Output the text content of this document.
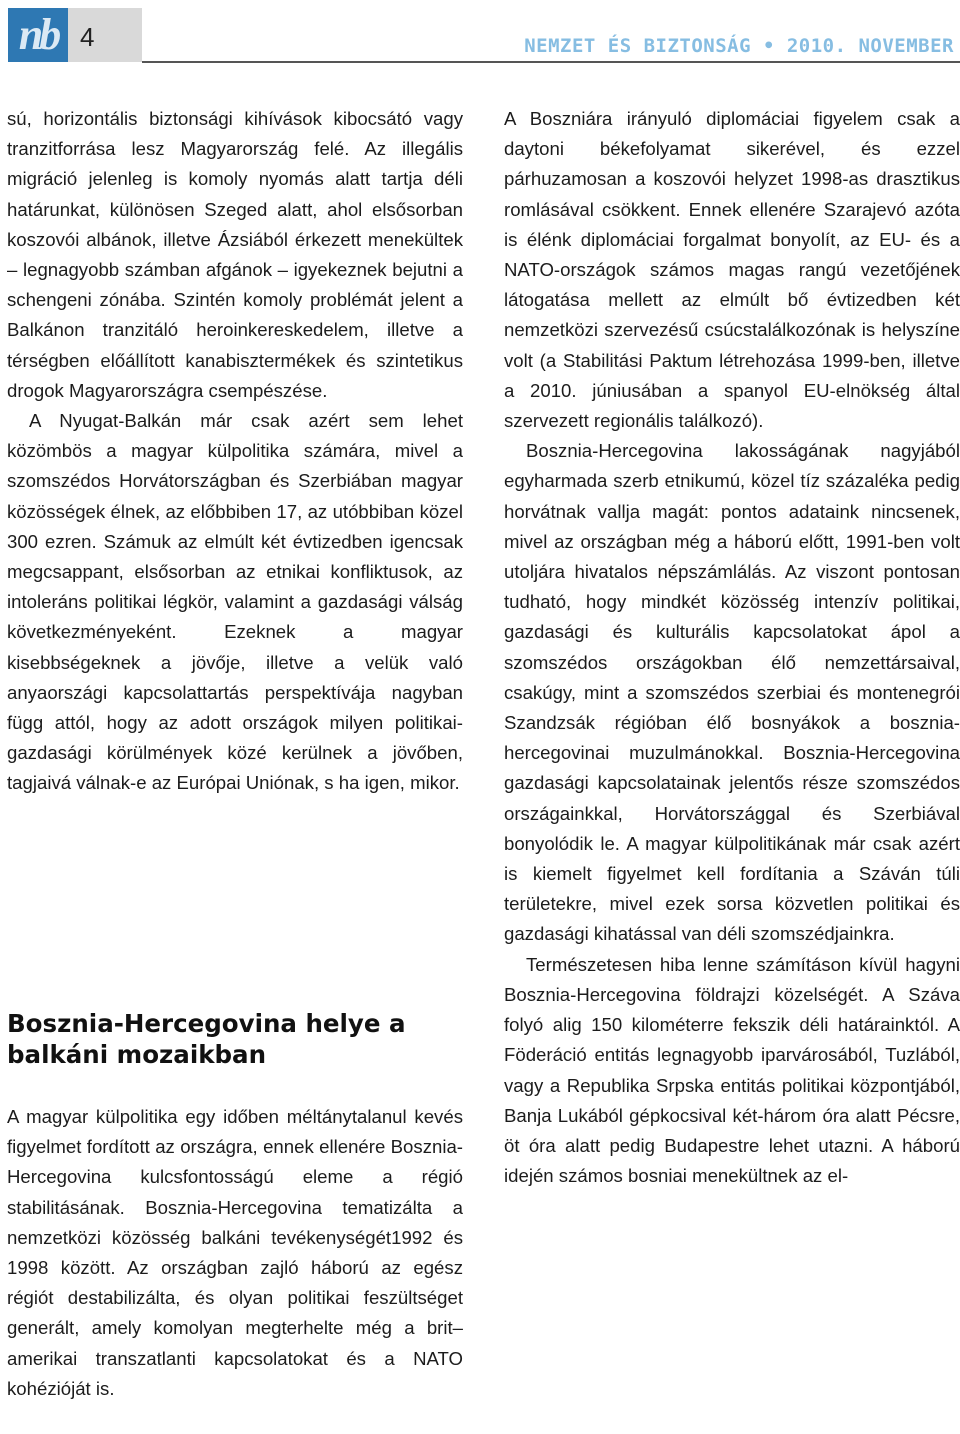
nb 4	NEMZET ÉS BIZTONSÁG • 2010. NOVEMBER

sú, horizontális biztonsági kihívások kibocsátó vagy tranzitforrása lesz Magyarország felé. Az illegális migráció jelenleg is komoly nyomás alatt tartja déli határunkat, különösen Szeged alatt, ahol elsősorban koszovói albánok, illetve Ázsiából érkezett menekültek – legnagyobb számban afgánok – igyekeznek bejutni a schengeni zónába. Szintén komoly problémát jelent a Balkánon tranzitáló heroinkereskedelem, illetve a térségben előállított kanabisztermékek és szintetikus drogok Magyarországra csempészése.

A Nyugat-Balkán már csak azért sem lehet közömbös a magyar külpolitika számára, mivel a szomszédos Horvátországban és Szerbiában magyar közösségek élnek, az előbbiben 17, az utóbbiban közel 300 ezren. Számuk az elmúlt két évtizedben igencsak megcsappant, elsősorban az etnikai konfliktusok, az intoleráns politikai légkör, valamint a gazdasági válság következményeként. Ezeknek a magyar kisebbségeknek a jövője, illetve a velük való anyaországi kapcsolattartás perspektívája nagyban függ attól, hogy az adott országok milyen politikai-gazdasági körülmények közé kerülnek a jövőben, tagjaivá válnak-e az Európai Uniónak, s ha igen, mikor.

Bosznia-Hercegovina helye a balkáni mozaikban

A magyar külpolitika egy időben méltánytalanul kevés figyelmet fordított az országra, ennek ellenére Bosznia-Hercegovina kulcsfontosságú eleme a régió stabilitásának. Bosznia-Hercegovina tematizálta a nemzetközi közösség balkáni tevékenységét1992 és 1998 között. Az országban zajló háború az egész régiót destabilizálta, és olyan politikai feszültséget generált, amely komolyan megterhelte még a brit–amerikai transzatlanti kapcsolatokat és a NATO kohézióját is.

A Boszniára irányuló diplomáciai figyelem csak a daytoni békefolyamat sikerével, és ezzel párhuzamosan a koszovói helyzet 1998-as drasztikus romlásával csökkent. Ennek ellenére Szarajevó azóta is élénk diplomáciai forgalmat bonyolít, az EU- és a NATO-országok számos magas rangú vezetőjének látogatása mellett az elmúlt bő évtizedben két nemzetközi szervezésű csúcstalálkozónak is helyszíne volt (a Stabilitási Paktum létrehozása 1999-ben, illetve a 2010. júniusában a spanyol EU-elnökség által szervezett regionális találkozó).

Bosznia-Hercegovina lakosságának nagyjából egyharmada szerb etnikumú, közel tíz százaléka pedig horvátnak vallja magát: pontos adataink nincsenek, mivel az országban még a háború előtt, 1991-ben volt utoljára hivatalos népszámlálás. Az viszont pontosan tudható, hogy mindkét közösség intenzív politikai, gazdasági és kulturális kapcsolatokat ápol a szomszédos országokban élő nemzettársaival, csakúgy, mint a szomszédos szerbiai és montenegrói Szandzsák régióban élő bosnyákok a bosznia-hercegovinai muzulmánokkal. Bosznia-Hercegovina gazdasági kapcsolatainak jelentős része szomszédos országainkkal, Horvátországgal és Szerbiával bonyolódik le. A magyar külpolitikának már csak azért is kiemelt figyelmet kell fordítania a Száván túli területekre, mivel ezek sorsa közvetlen politikai és gazdasági kihatással van déli szomszédjainkra.

Természetesen hiba lenne számításon kívül hagyni Bosznia-Hercegovina földrajzi közelségét. A Száva folyó alig 150 kilométerre fekszik déli határainktól. A Föderáció entitás legnagyobb iparvárosából, Tuzlából, vagy a Republika Srpska entitás politikai központjából, Banja Lukából gépkocsival két-három óra alatt Pécsre, öt óra alatt pedig Budapestre lehet utazni. A háború idején számos bosniai menekültnek az el-
